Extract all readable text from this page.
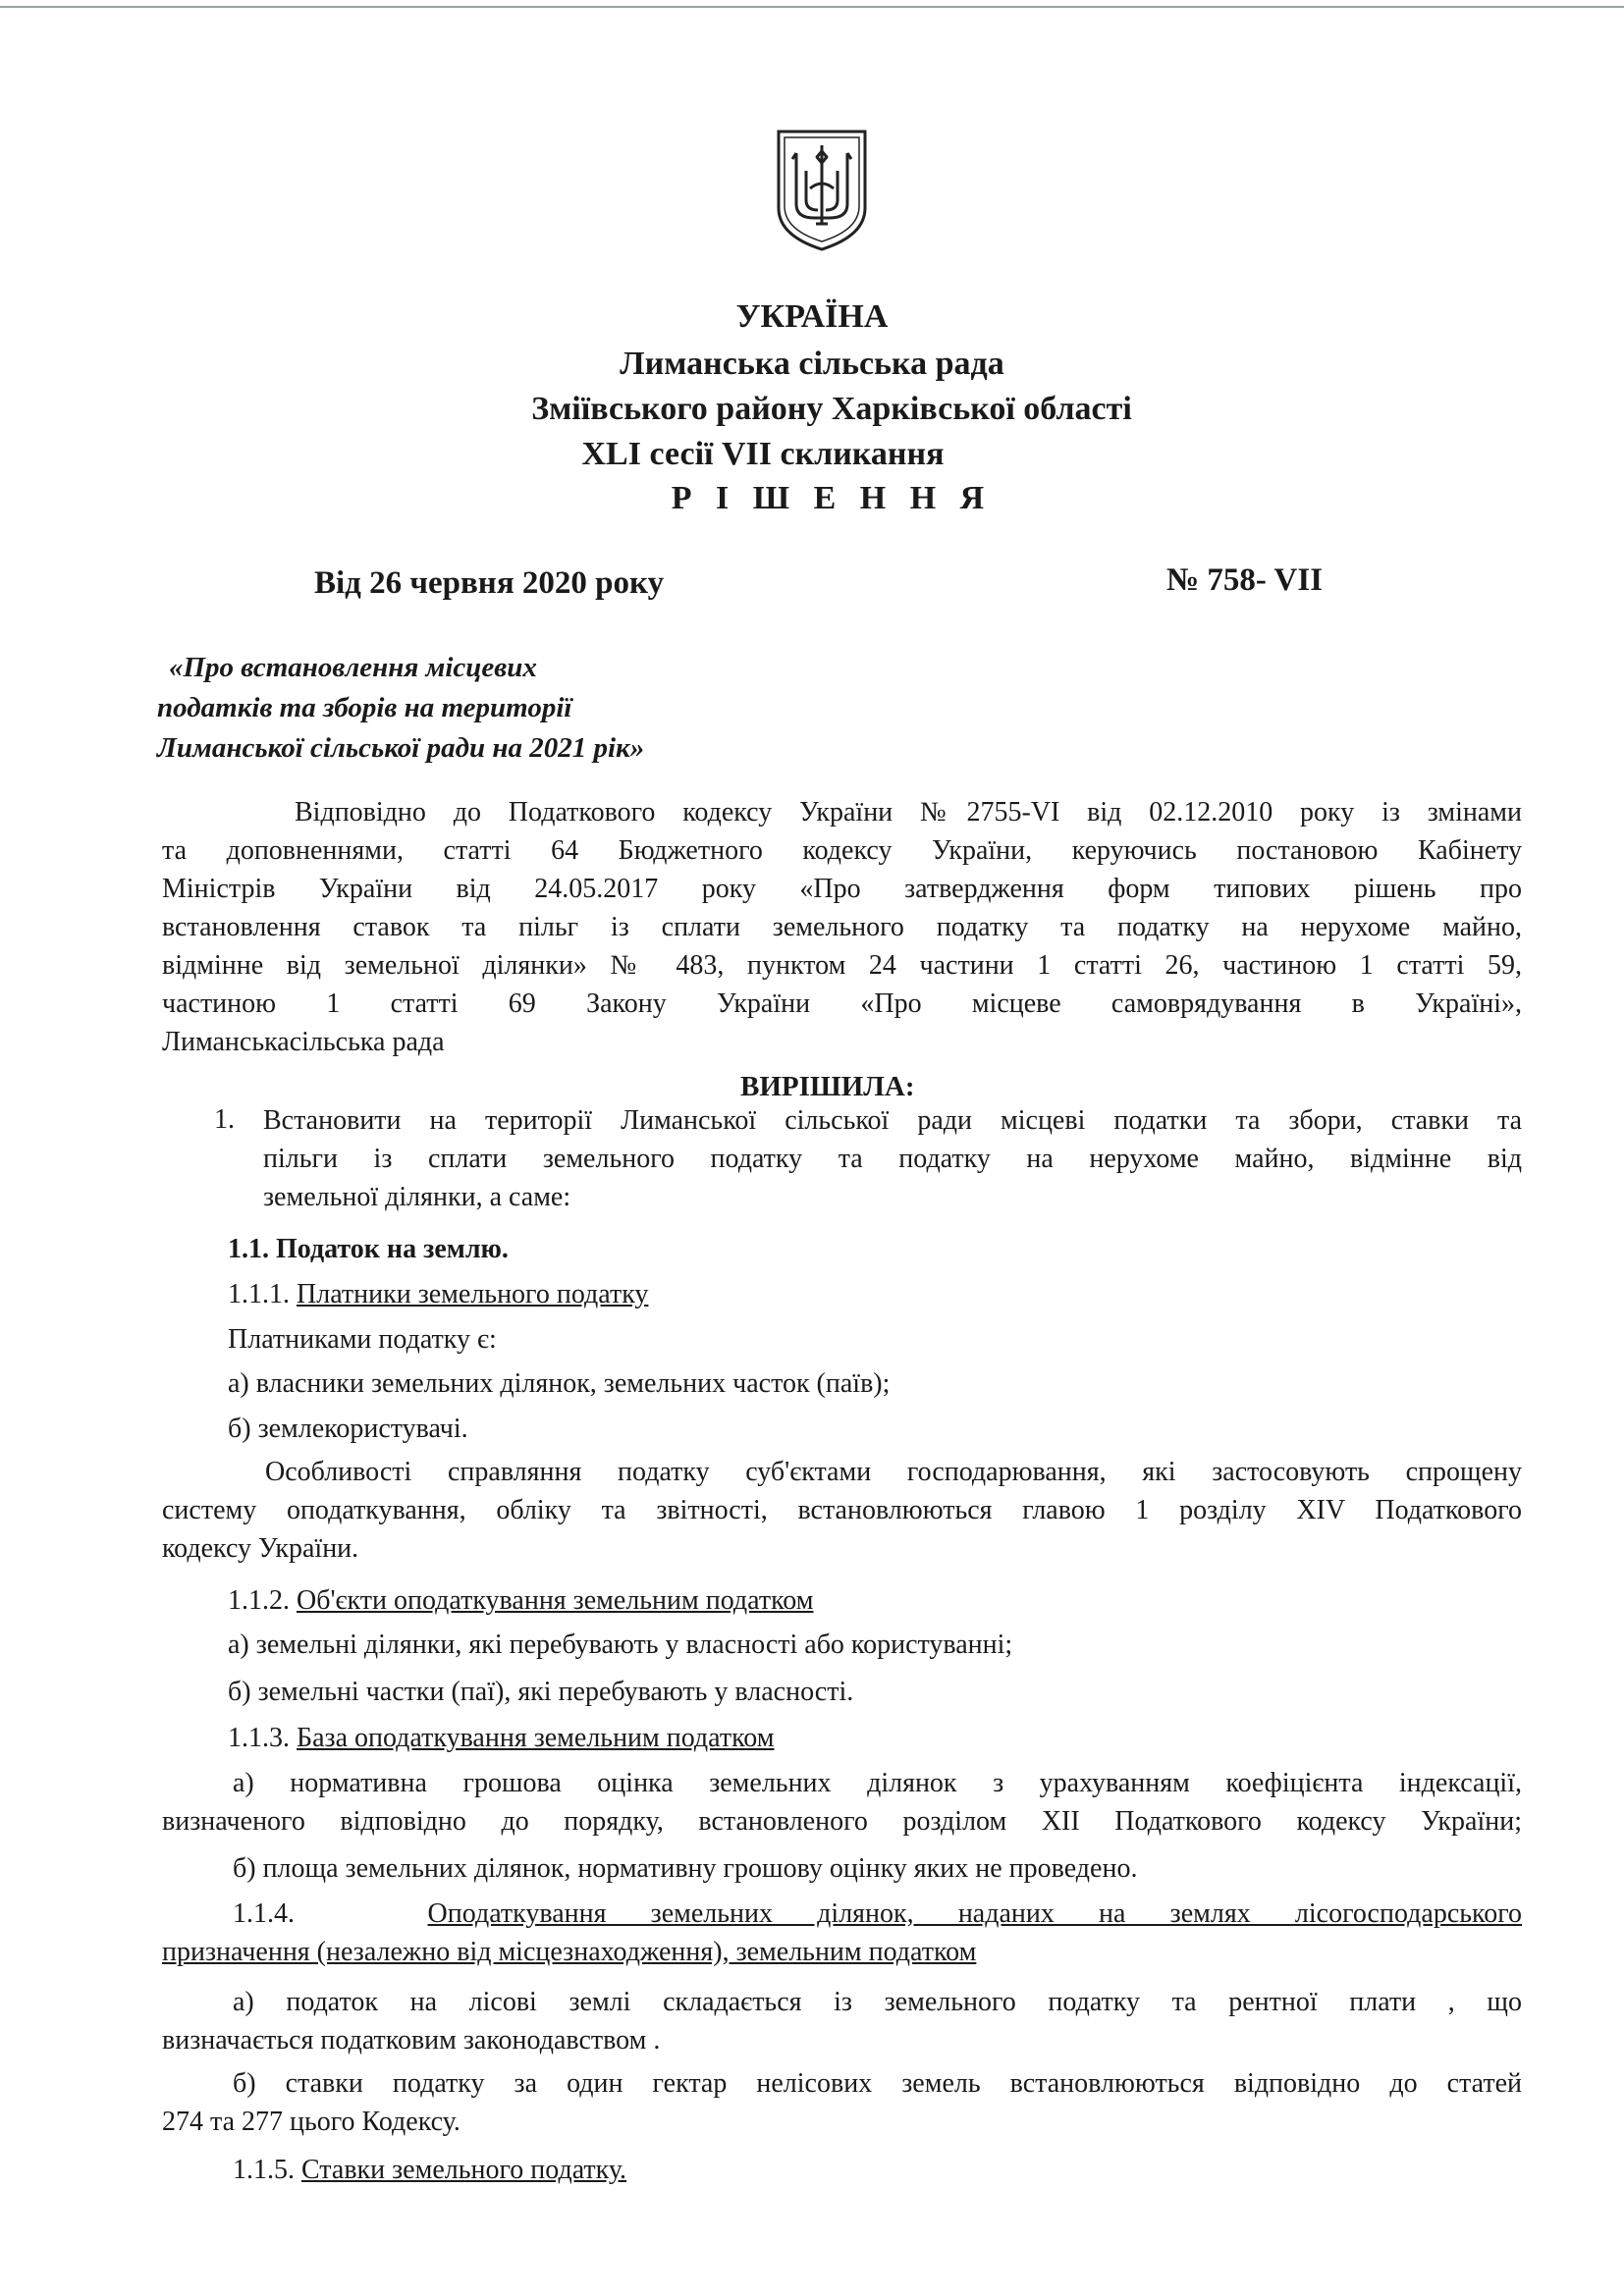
УКРАЇНА
Лиманська сільська рада
Зміївського району Харківської області
XLI сесії VII скликання
Р І Ш Е Н Н Я
Від 26 червня 2020 року	№ 758- VII
«Про встановлення місцевих
податків та зборів на території
Лиманської сільської ради на 2021 рік»
Відповідно до Податкового кодексу України №2755-VI від 02.12.2010 року із змінами
та доповненнями, статті 64 Бюджетного кодексу України, керуючись постановою Кабінету
Міністрів України від 24.05.2017 року «Про затвердження форм типових рішень про
встановлення ставок та пільг із сплати земельного податку та податку на нерухоме майно,
відмінне від земельної ділянки» № 483, пунктом 24 частини 1 статті 26, частиною 1 статті 59,
частиною 1 статті 69 Закону України «Про місцеве самоврядування в Україні»,
Лиманськасільська рада
ВИРІШИЛА:
1. Встановити на території Лиманської сільської ради місцеві податки та збори, ставки та
пільги із сплати земельного податку та податку на нерухоме майно, відмінне від
земельної ділянки, а саме:
1.1. Податок на землю.
1.1.1. Платники земельного податку
Платниками податку є:
а) власники земельних ділянок, земельних часток (паїв);
б) землекористувачі.
Особливості справляння податку суб'єктами господарювання, які застосовують спрощену
систему оподаткування, обліку та звітності, встановлюються главою 1 розділу XIV Податкового
кодексу України.
1.1.2. Об'єкти оподаткування земельним податком
а) земельні ділянки, які перебувають у власності або користуванні;
б) земельні частки (паї), які перебувають у власності.
1.1.3. База оподаткування земельним податком
а) нормативна грошова оцінка земельних ділянок з урахуванням коефіцієнта індексації,
визначеного відповідно до порядку, встановленого розділом XII Податкового кодексу України;
б) площа земельних ділянок, нормативну грошову оцінку яких не проведено.
1.1.4.	Оподаткування земельних ділянок, наданих на землях лісогосподарського
призначення (незалежно від місцезнаходження), земельним податком
а) податок на лісові землі складається із земельного податку та рентної плати , що
визначається податковим законодавством .
б) ставки податку за один гектар нелісових земель встановлюються відповідно до статей
274 та 277 цього Кодексу.
1.1.5. Ставки земельного податку.
